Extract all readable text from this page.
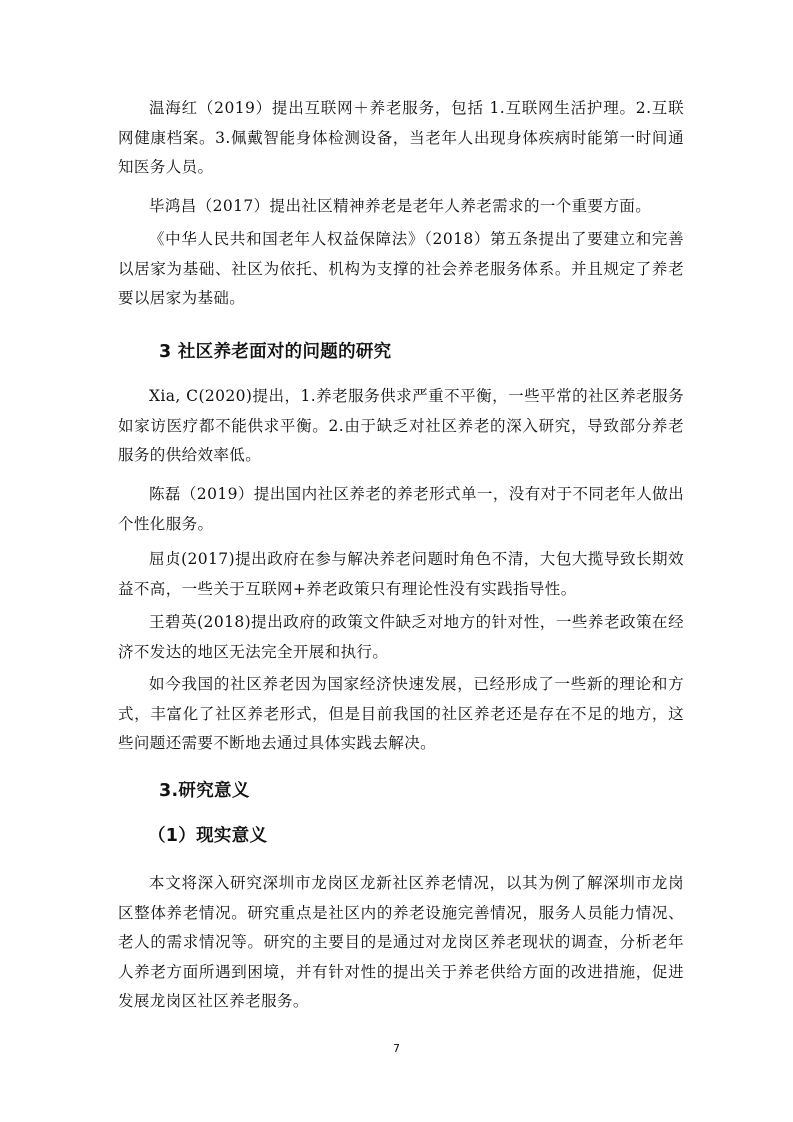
温海红（2019）提出互联网＋养老服务，包括 1.互联网生活护理。2.互联网健康档案。3.佩戴智能身体检测设备，当老年人出现身体疾病时能第一时间通知医务人员。

毕鸿昌（2017）提出社区精神养老是老年人养老需求的一个重要方面。

《中华人民共和国老年人权益保障法》（2018）第五条提出了要建立和完善以居家为基础、社区为依托、机构为支撑的社会养老服务体系。并且规定了养老要以居家为基础。

3 社区养老面对的问题的研究

Xia, C(2020)提出，1.养老服务供求严重不平衡，一些平常的社区养老服务如家访医疗都不能供求平衡。2.由于缺乏对社区养老的深入研究，导致部分养老服务的供给效率低。

陈磊（2019）提出国内社区养老的养老形式单一，没有对于不同老年人做出个性化服务。

屈贞(2017)提出政府在参与解决养老问题时角色不清，大包大揽导致长期效益不高，一些关于互联网+养老政策只有理论性没有实践指导性。

王碧英(2018)提出政府的政策文件缺乏对地方的针对性，一些养老政策在经济不发达的地区无法完全开展和执行。

如今我国的社区养老因为国家经济快速发展，已经形成了一些新的理论和方式，丰富化了社区养老形式，但是目前我国的社区养老还是存在不足的地方，这些问题还需要不断地去通过具体实践去解决。

3.研究意义
（1）现实意义

本文将深入研究深圳市龙岗区龙新社区养老情况，以其为例了解深圳市龙岗区整体养老情况。研究重点是社区内的养老设施完善情况，服务人员能力情况、老人的需求情况等。研究的主要目的是通过对龙岗区养老现状的调查，分析老年人养老方面所遇到困境，并有针对性的提出关于养老供给方面的改进措施，促进发展龙岗区社区养老服务。

7
